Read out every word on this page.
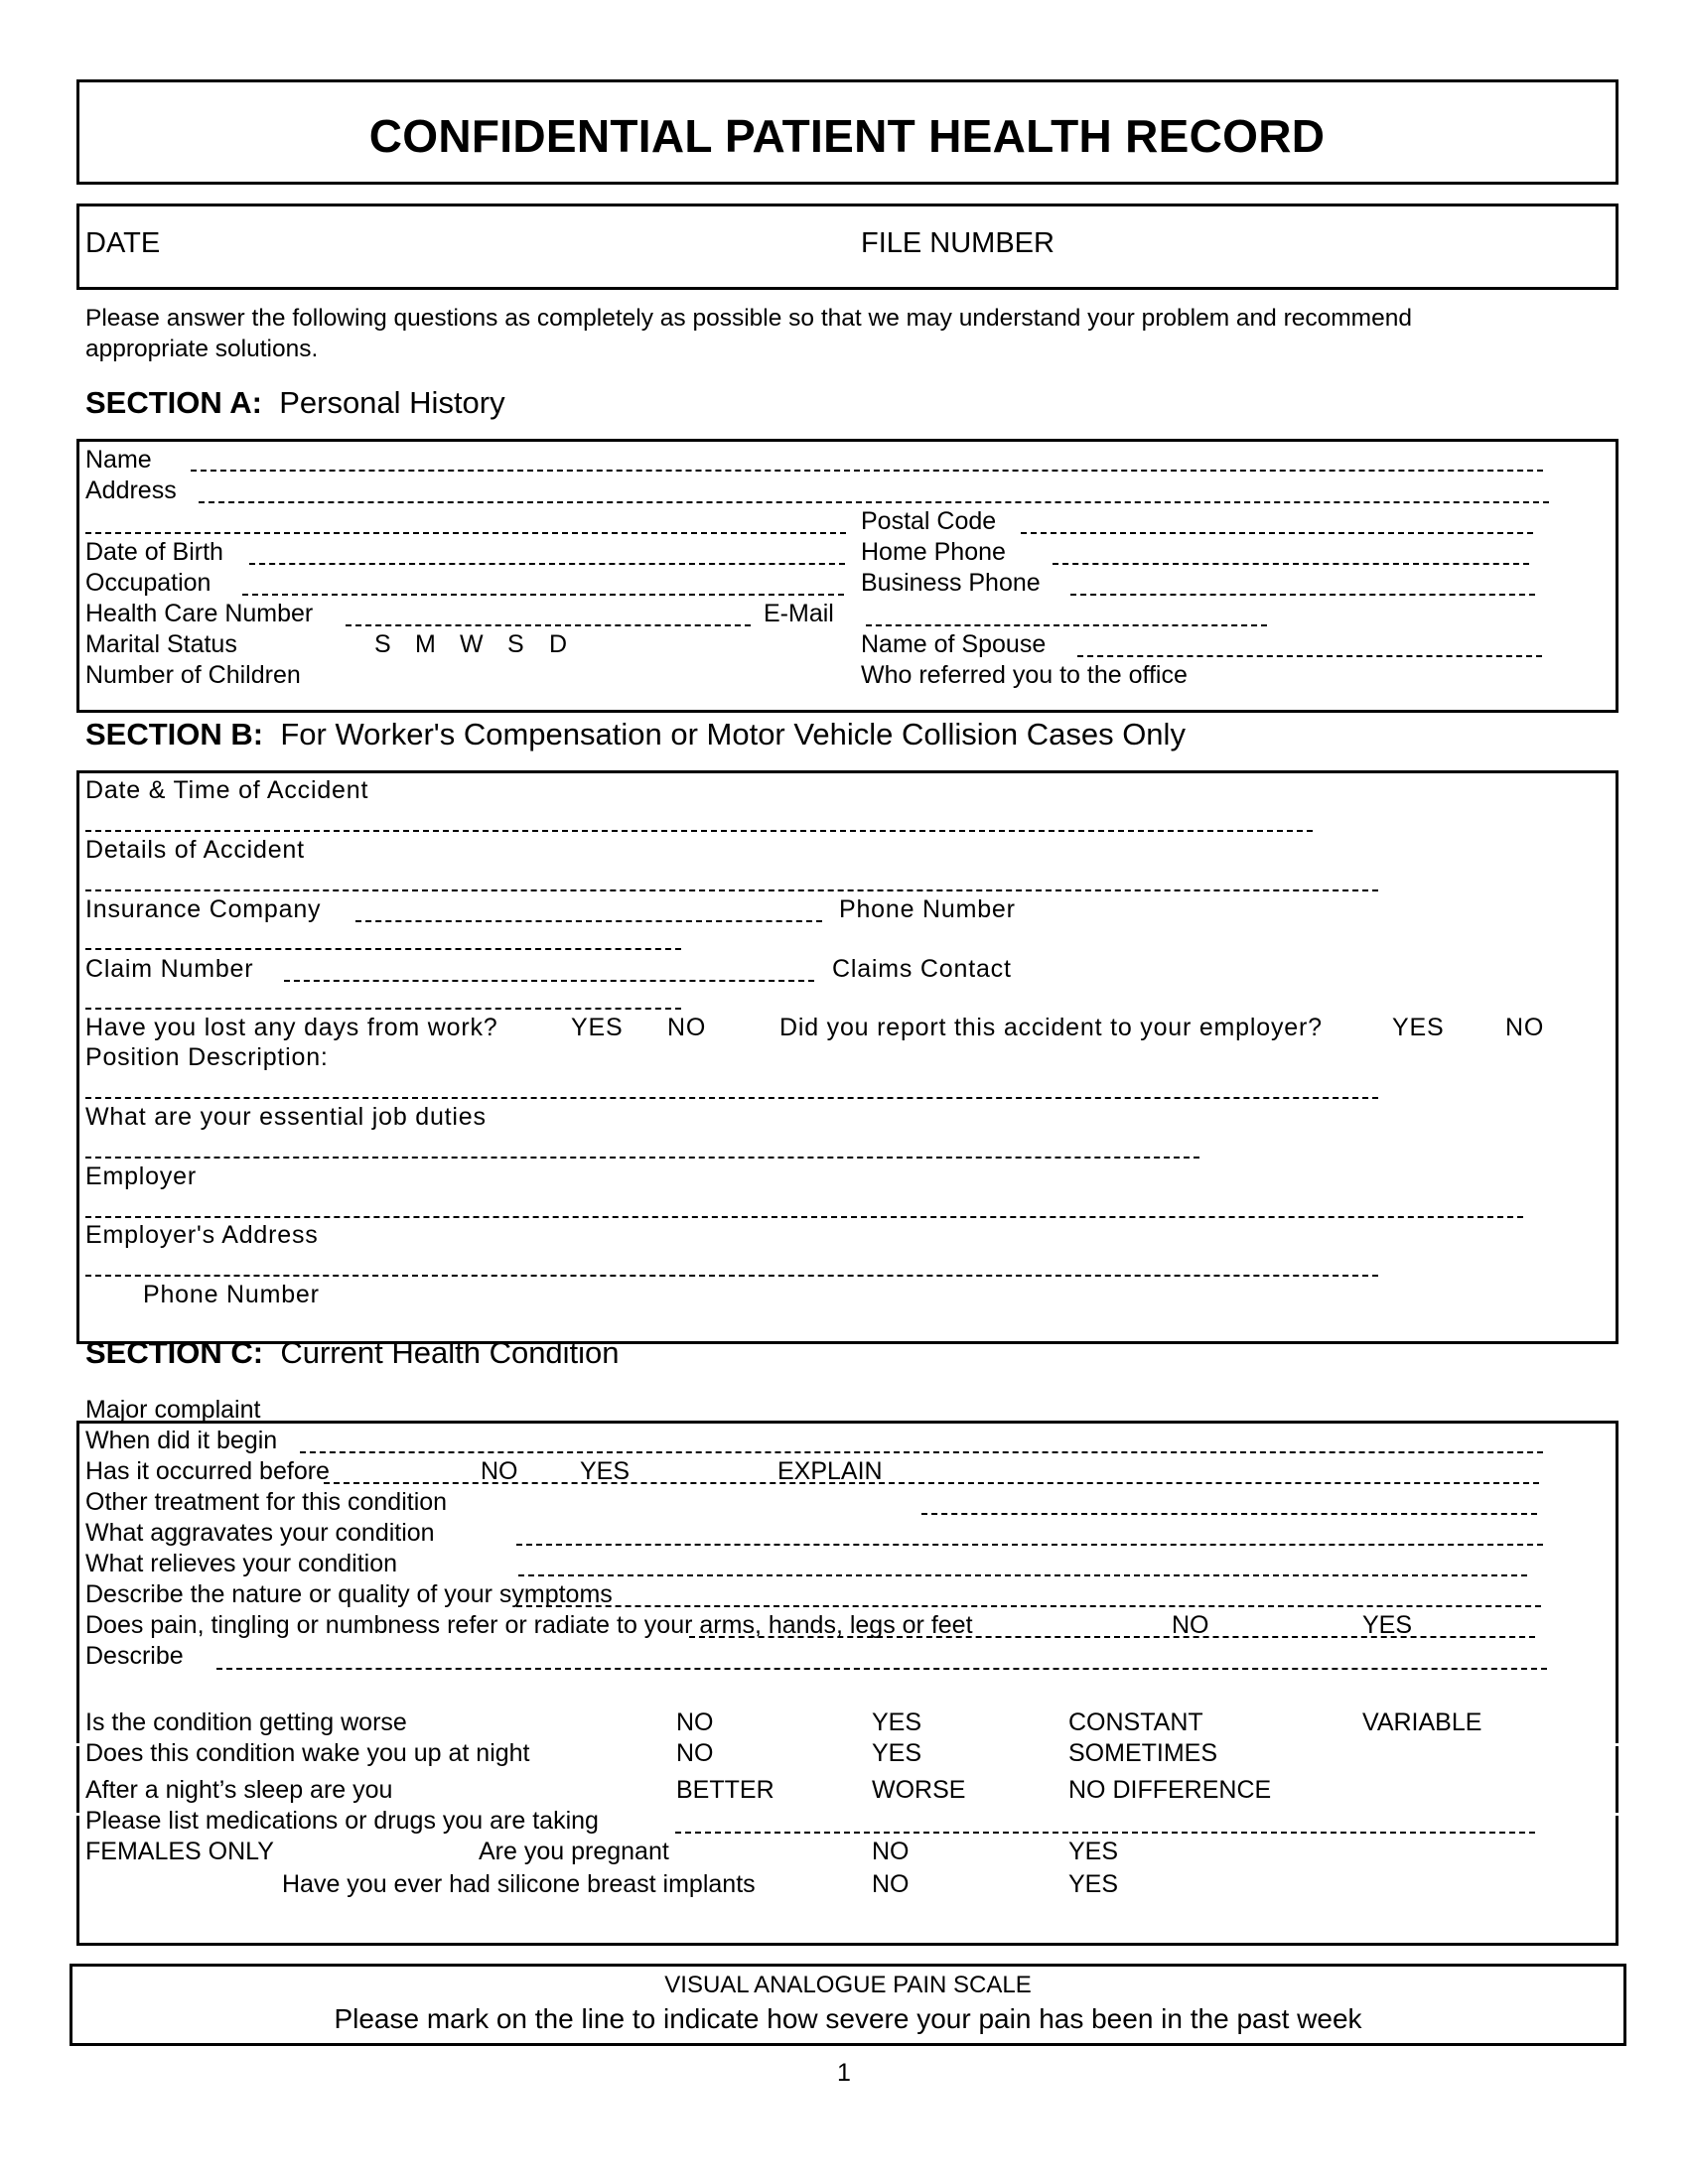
CONFIDENTIAL PATIENT HEALTH RECORD
DATE	FILE NUMBER
Please answer the following questions as completely as possible so that we may understand your problem and recommend
appropriate solutions.
SECTION A: Personal History
Name
Address
Postal Code
Date of Birth	Home Phone
Occupation	Business Phone
Health Care Number	E-Mail
Marital Status	S M W S D	Name of Spouse
Number of Children	Who referred you to the office
SECTION B: For Worker's Compensation or Motor Vehicle Collision Cases Only
Date & Time of Accident
Details of Accident
Insurance Company	Phone Number
Claim Number	Claims Contact
Have you lost any days from work?	YES NO	Did you report this accident to your employer?	YES NO
Position Description:
What are your essential job duties
Employer
Employer's Address
Phone Number
SECTION C: Current Health Condition
Major complaint
When did it begin
Has it occurred before	NO	YES	EXPLAIN
Other treatment for this condition
What aggravates your condition
What relieves your condition
Describe the nature or quality of your symptoms
Does pain, tingling or numbness refer or radiate to your arms, hands, legs or feet	NO	YES
Describe
Is the condition getting worse	NO	YES	CONSTANT	VARIABLE
Does this condition wake you up at night	NO	YES	SOMETIMES
After a night’s sleep are you	BETTER	WORSE	NO DIFFERENCE
Please list medications or drugs you are taking
FEMALES ONLY	Are you pregnant	NO	YES
Have you ever had silicone breast implants	NO	YES
VISUAL ANALOGUE PAIN SCALE
Please mark on the line to indicate how severe your pain has been in the past week
1
